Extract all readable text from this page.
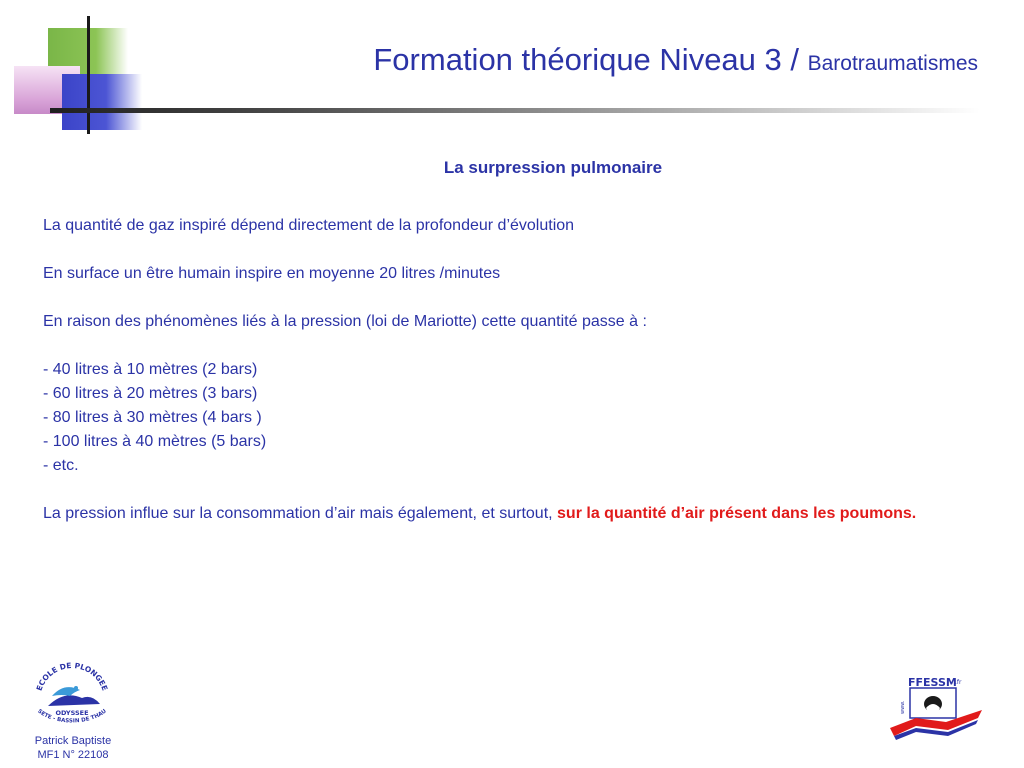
Formation théorique Niveau 3 / Barotraumatismes
La surpression pulmonaire

La quantité de gaz inspiré dépend directement de la profondeur d’évolution

En surface un être humain inspire en moyenne 20 litres /minutes

En raison des phénomènes liés à la pression (loi de Mariotte) cette quantité passe à :

- 40 litres à 10 mètres (2 bars)

- 60 litres à 20 mètres (3 bars)

- 80 litres à 30 mètres (4 bars )

- 100 litres à 40 mètres (5 bars)

- etc.

La pression influe sur la consommation d’air mais également, et surtout, sur la quantité d’air présent dans les poumons.

ECOLE DE PLONGEE
ODYSSEE
SETE - BASSIN DE THAU
Patrick Baptiste
MF1 N° 22108
FFESSM
.fr
www.
